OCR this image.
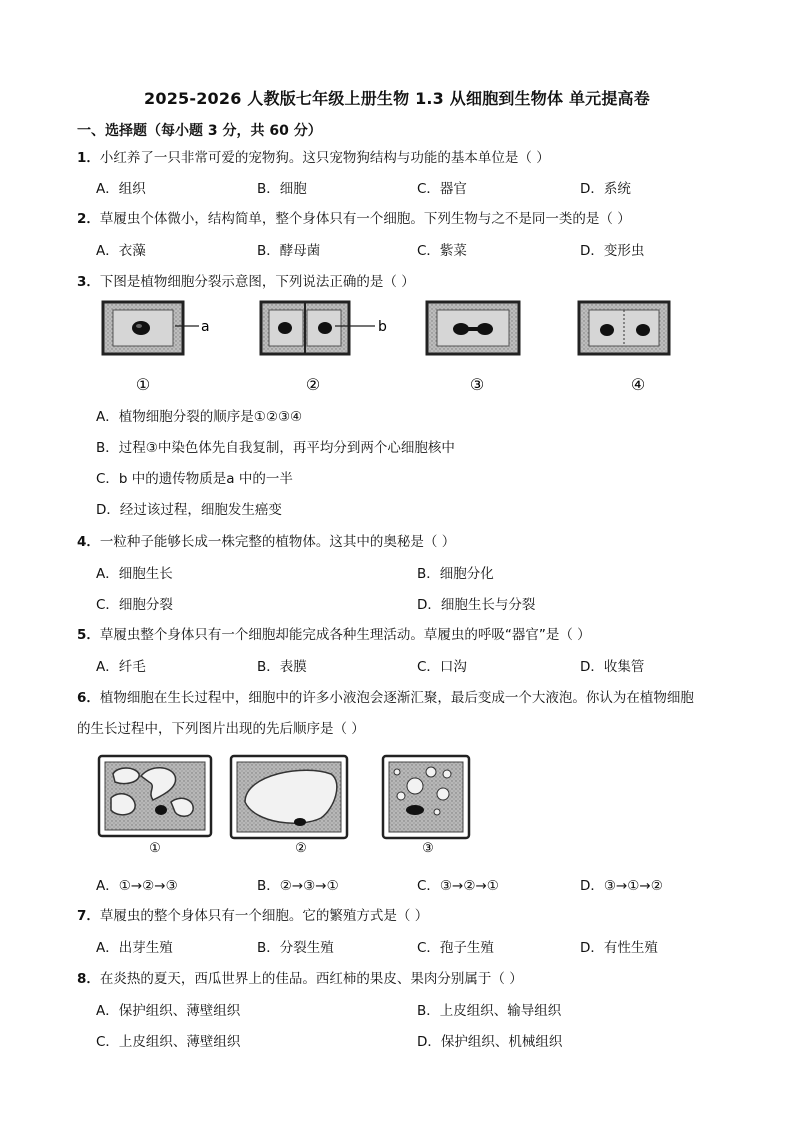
2025-2026 人教版七年级上册生物 1.3 从细胞到生物体 单元提高卷
一、选择题（每小题 3 分，共 60 分）
1．小红养了一只非常可爱的宠物狗。这只宠物狗结构与功能的基本单位是（ ）
A．组织	B．细胞	C．器官	D．系统
2．草履虫个体微小，结构简单，整个身体只有一个细胞。下列生物与之不是同一类的是（ ）
A．衣藻	B．酵母菌	C．紫菜	D．变形虫
3．下图是植物细胞分裂示意图，下列说法正确的是（ ）
a	b
①	②	③	④
A．植物细胞分裂的顺序是①②③④
B．过程③中染色体先自我复制，再平均分到两个心细胞核中
C．b 中的遗传物质是a 中的一半
D．经过该过程，细胞发生癌变
4．一粒种子能够长成一株完整的植物体。这其中的奥秘是（ ）
A．细胞生长	B．细胞分化
C．细胞分裂	D．细胞生长与分裂
5．草履虫整个身体只有一个细胞却能完成各种生理活动。草履虫的呼吸“器官”是（ ）
A．纤毛	B．表膜	C．口沟	D．收集管
6．植物细胞在生长过程中，细胞中的许多小液泡会逐渐汇聚，最后变成一个大液泡。你认为在植物细胞
的生长过程中，下列图片出现的先后顺序是（ ）
①	②	③
A．①→②→③	B．②→③→①	C．③→②→①	D．③→①→②
7．草履虫的整个身体只有一个细胞。它的繁殖方式是（ ）
A．出芽生殖	B．分裂生殖	C．孢子生殖	D．有性生殖
8．在炎热的夏天，西瓜世界上的佳品。西红柿的果皮、果肉分别属于（ ）
A．保护组织、薄壁组织	B．上皮组织、输导组织
C．上皮组织、薄壁组织	D．保护组织、机械组织
